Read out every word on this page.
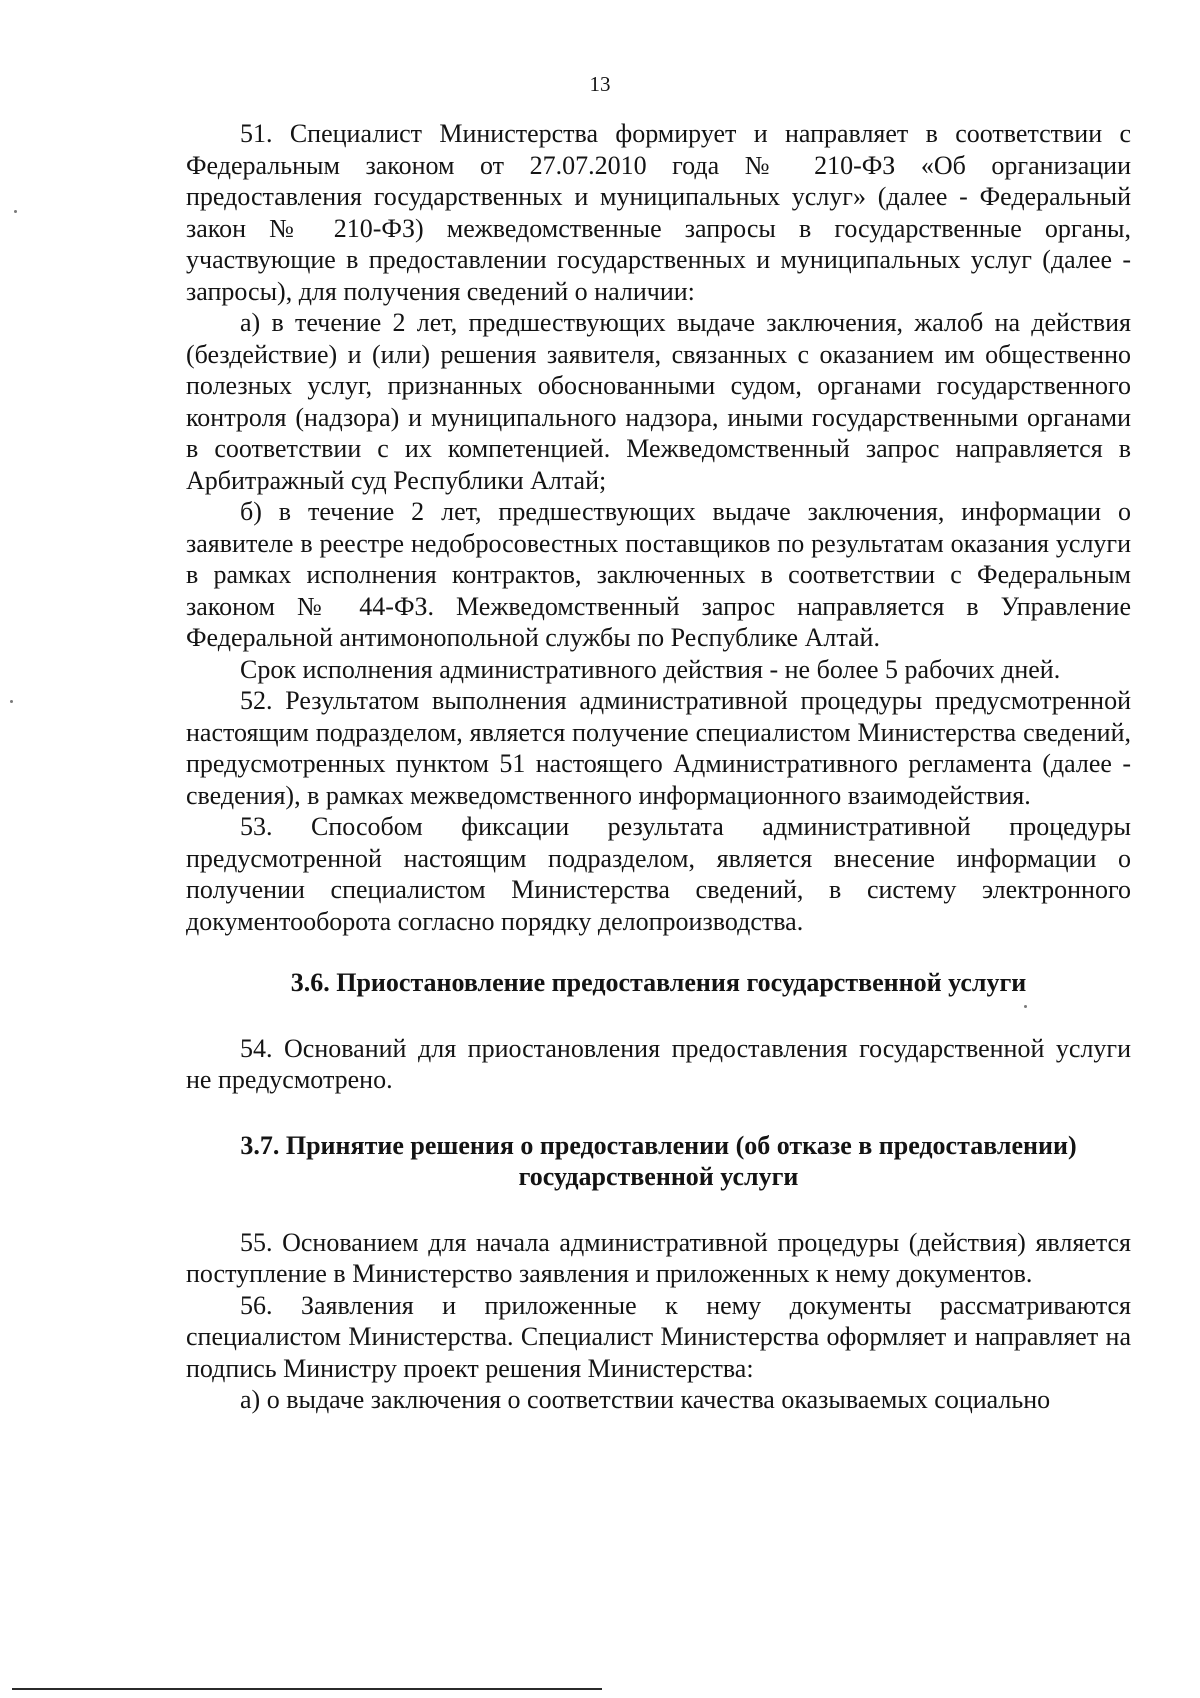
13

51. Специалист Министерства формирует и направляет в соответствии с Федеральным законом от 27.07.2010 года № 210-ФЗ «Об организации предоставления государственных и муниципальных услуг» (далее - Федеральный закон № 210-ФЗ) межведомственные запросы в государственные органы, участвующие в предоставлении государственных и муниципальных услуг (далее - запросы), для получения сведений о наличии:

а) в течение 2 лет, предшествующих выдаче заключения, жалоб на действия (бездействие) и (или) решения заявителя, связанных с оказанием им общественно полезных услуг, признанных обоснованными судом, органами государственного контроля (надзора) и муниципального надзора, иными государственными органами в соответствии с их компетенцией. Межведомственный запрос направляется в Арбитражный суд Республики Алтай;

б) в течение 2 лет, предшествующих выдаче заключения, информации о заявителе в реестре недобросовестных поставщиков по результатам оказания услуги в рамках исполнения контрактов, заключенных в соответствии с Федеральным законом № 44-ФЗ. Межведомственный запрос направляется в Управление Федеральной антимонопольной службы по Республике Алтай.

Срок исполнения административного действия - не более 5 рабочих дней.

52. Результатом выполнения административной процедуры предусмотренной настоящим подразделом, является получение специалистом Министерства сведений, предусмотренных пунктом 51 настоящего Административного регламента (далее - сведения), в рамках межведомственного информационного взаимодействия.

53. Способом фиксации результата административной процедуры предусмотренной настоящим подразделом, является внесение информации о получении специалистом Министерства сведений, в систему электронного документооборота согласно порядку делопроизводства.

3.6. Приостановление предоставления государственной услуги

54. Оснований для приостановления предоставления государственной услуги не предусмотрено.

3.7. Принятие решения о предоставлении (об отказе в предоставлении)
государственной услуги

55. Основанием для начала административной процедуры (действия) является поступление в Министерство заявления и приложенных к нему документов.

56. Заявления и приложенные к нему документы рассматриваются специалистом Министерства. Специалист Министерства оформляет и направляет на подпись Министру проект решения Министерства:

а) о выдаче заключения о соответствии качества оказываемых социально
